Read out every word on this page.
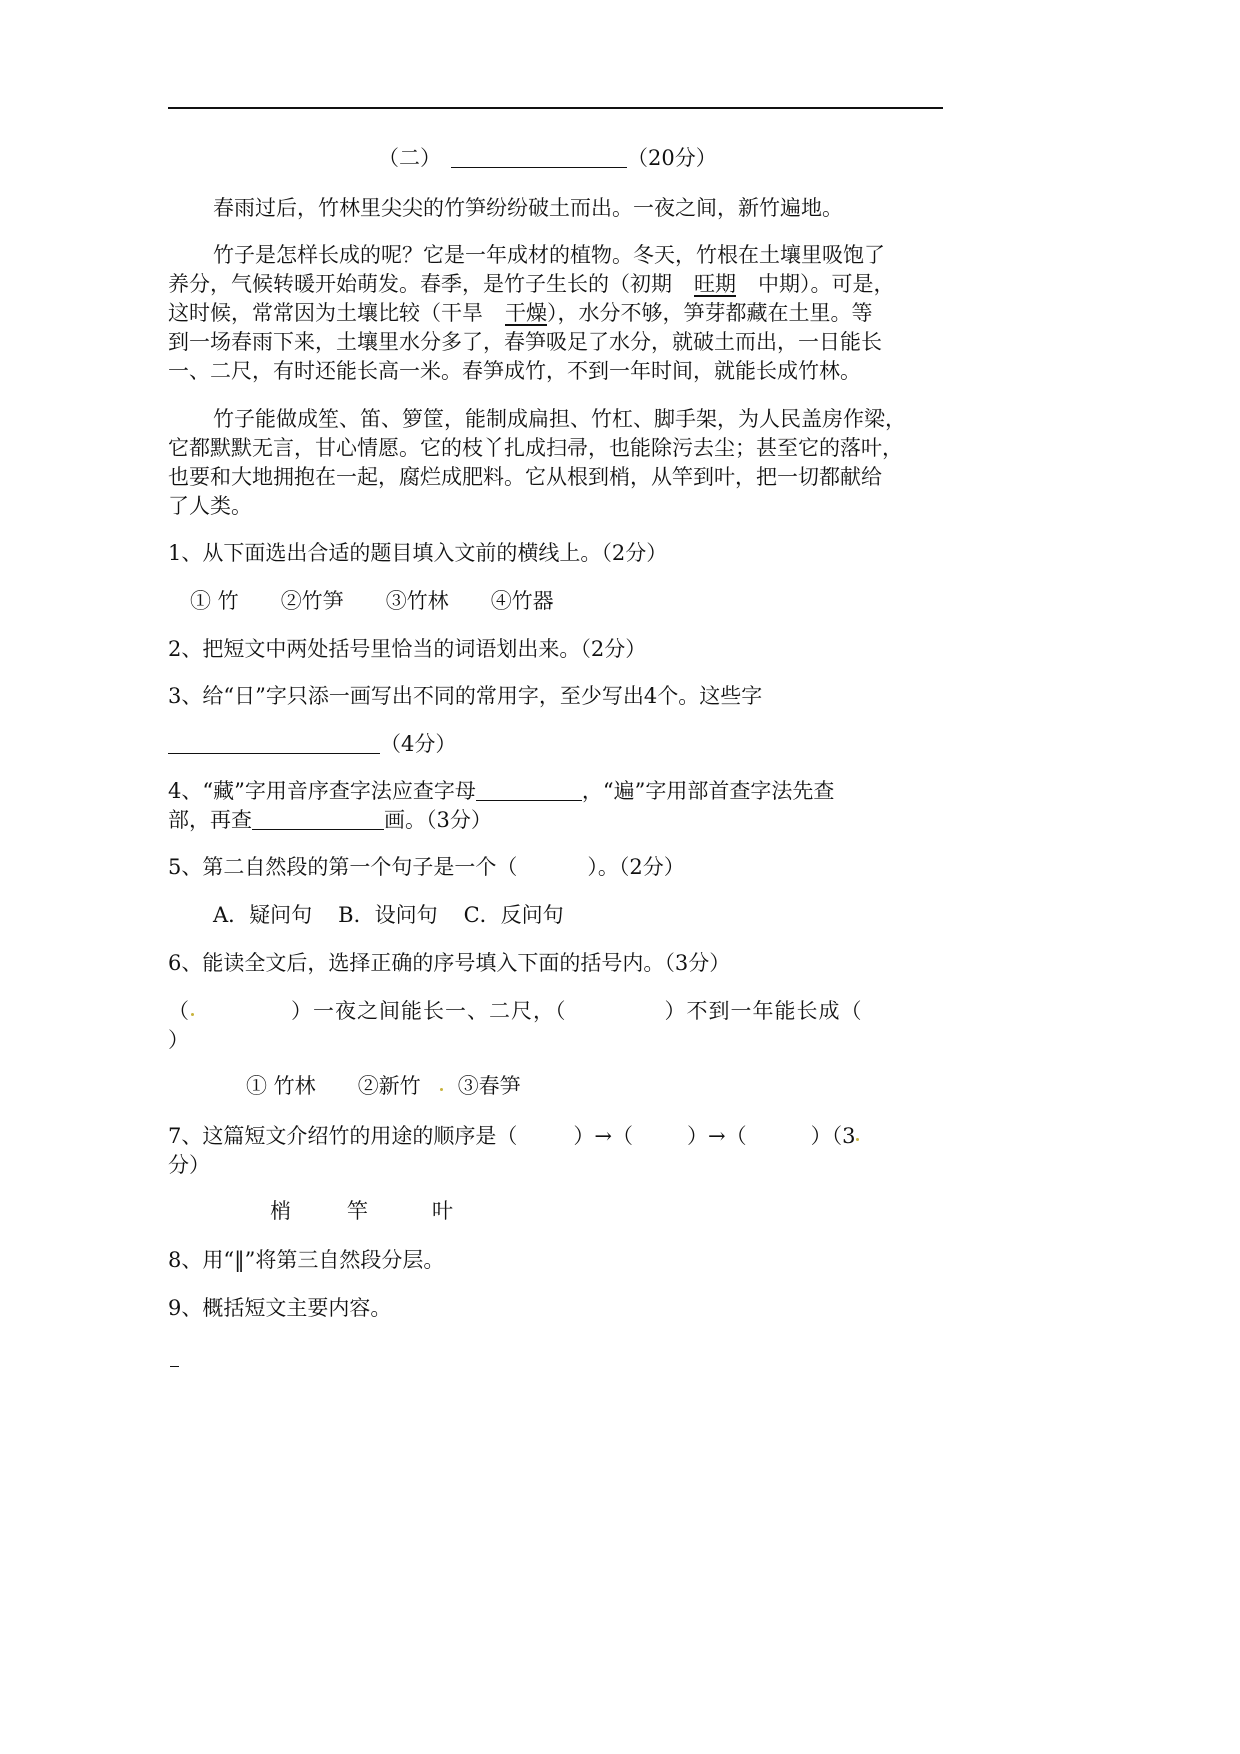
（二）	（20分）
春雨过后，竹林里尖尖的竹笋纷纷破土而出。一夜之间，新竹遍地。
竹子是怎样长成的呢？它是一年成材的植物。冬天，竹根在土壤里吸饱了
养分，气候转暖开始萌发。春季，是竹子生长的（初期 旺期 中期）。可是，
这时候，常常因为土壤比较（干旱 干燥），水分不够，笋芽都藏在土里。等
到一场春雨下来，土壤里水分多了，春笋吸足了水分，就破土而出，一日能长
一、二尺，有时还能长高一米。春笋成竹，不到一年时间，就能长成竹林。
竹子能做成笙、笛、箩筐，能制成扁担、竹杠、脚手架，为人民盖房作梁，
它都默默无言，甘心情愿。它的枝丫扎成扫帚，也能除污去尘；甚至它的落叶，
也要和大地拥抱在一起，腐烂成肥料。它从根到梢，从竿到叶，把一切都献给
了人类。
1、从下面选出合适的题目填入文前的横线上。（2分）
① 竹 ②竹笋 ③竹林 ④竹器
2、把短文中两处括号里恰当的词语划出来。（2分）
3、给“日”字只添一画写出不同的常用字，至少写出4个。这些字
（4分）
4、“藏”字用音序查字法应查字母	，“遍”字用部首查字法先查
部，再查	画。（3分）
5、第二自然段的第一个句子是一个（	）。（2分）
A．疑问句 B．设问句 C．反问句
6、能读全文后，选择正确的序号填入下面的括号内。（3分）
（	）一夜之间能长一、二尺，（	）不到一年能长成（
）
① 竹林 ②新竹 ③春笋
7、这篇短文介绍竹的用途的顺序是（	）→（	）→（	）（3
分）
梢	竿	叶
8、用“‖”将第三自然段分层。
9、概括短文主要内容。
